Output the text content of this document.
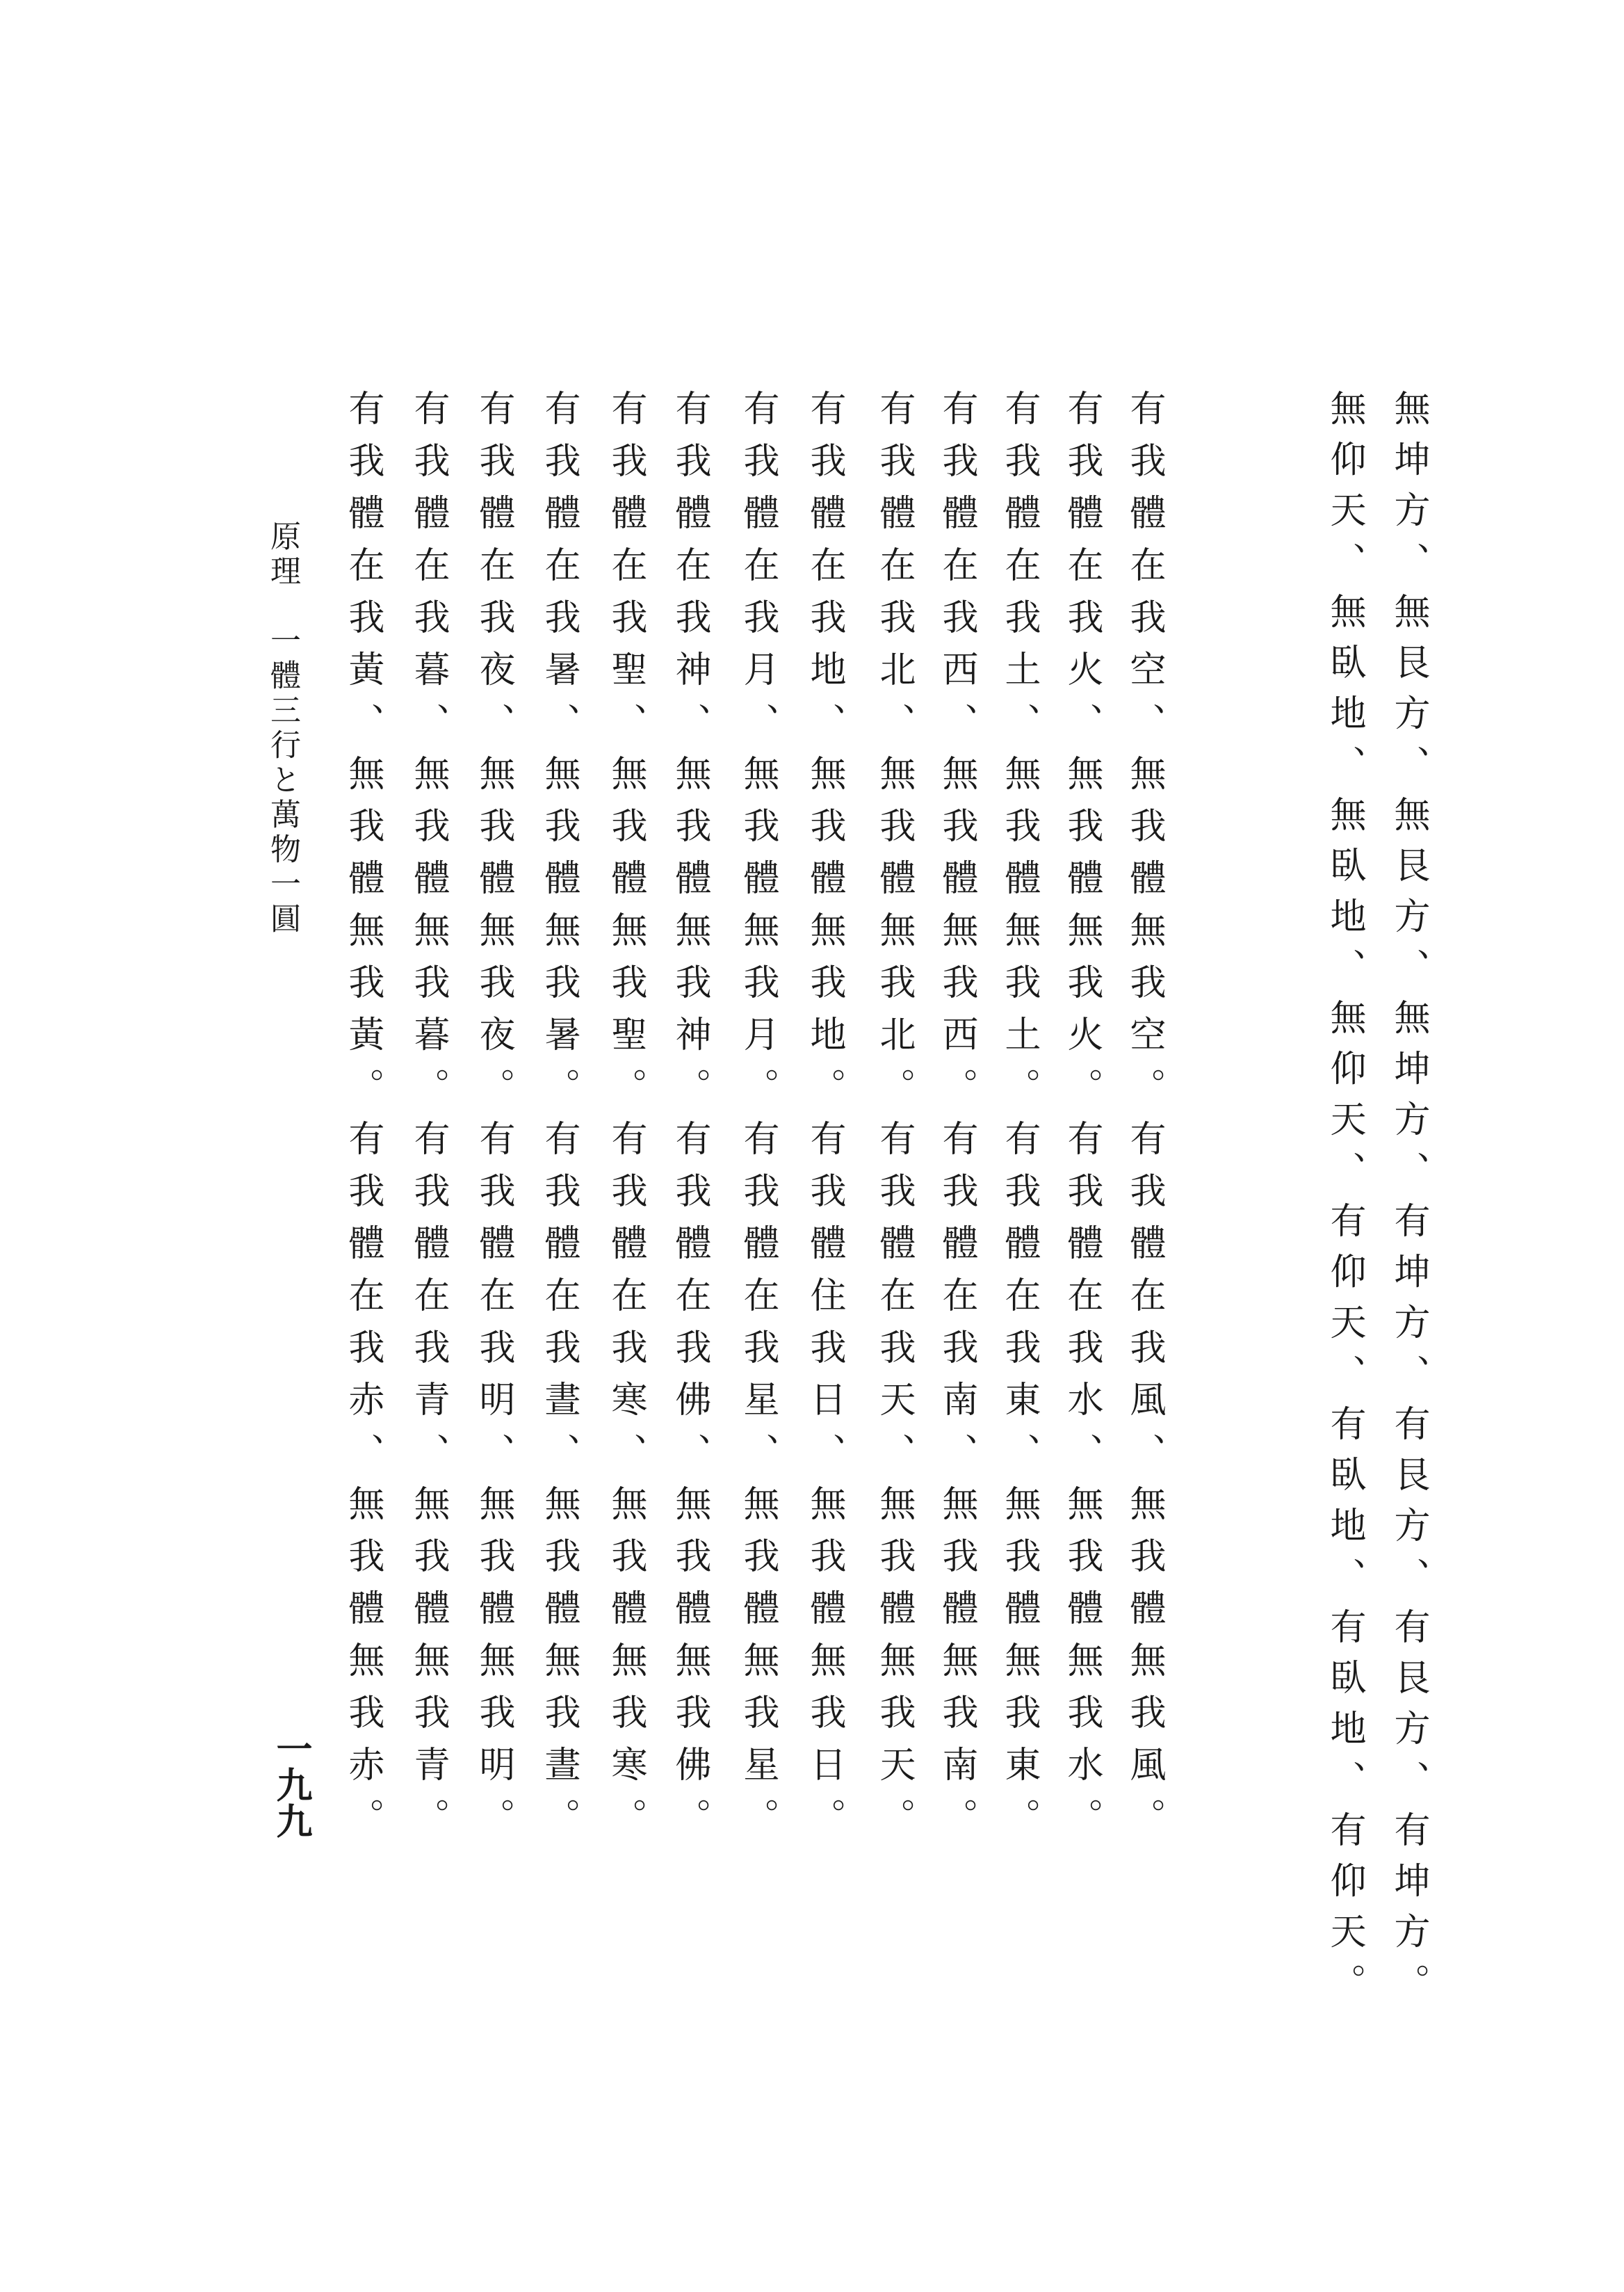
無坤方、無艮方、無艮方、無坤方、有坤方、有艮方、有艮方、有坤方。
無仰天、無臥地、無臥地、無仰天、有仰天、有臥地、有臥地、有仰天。
有我體在我空、無我體無我空。有我體在我風、無我體無我風。
有我體在我火、無我體無我火。有我體在我水、無我體無我水。
有我體在我土、無我體無我土。有我體在我東、無我體無我東。
有我體在我西、無我體無我西。有我體在我南、無我體無我南。
有我體在我北、無我體無我北。有我體在我天、無我體無我天。
有我體在我地、無我體無我地。有我體住我日、無我體無我日。
有我體在我月、無我體無我月。有我體在我星、無我體無我星。
有我體在我神、無我體無我神。有我體在我佛、無我體無我佛。
有我體在我聖、無我體無我聖。有我體在我寒、無我體無我寒。
有我體在我暑、無我體無我暑。有我體在我晝、無我體無我晝。
有我體在我夜、無我體無我夜。有我體在我明、無我體無我明。
有我體在我暮、無我體無我暮。有我體在我青、無我體無我青。
有我體在我黃、無我體無我黃。有我體在我赤、無我體無我赤。
原理　一體三行と萬物一圓
一九九
